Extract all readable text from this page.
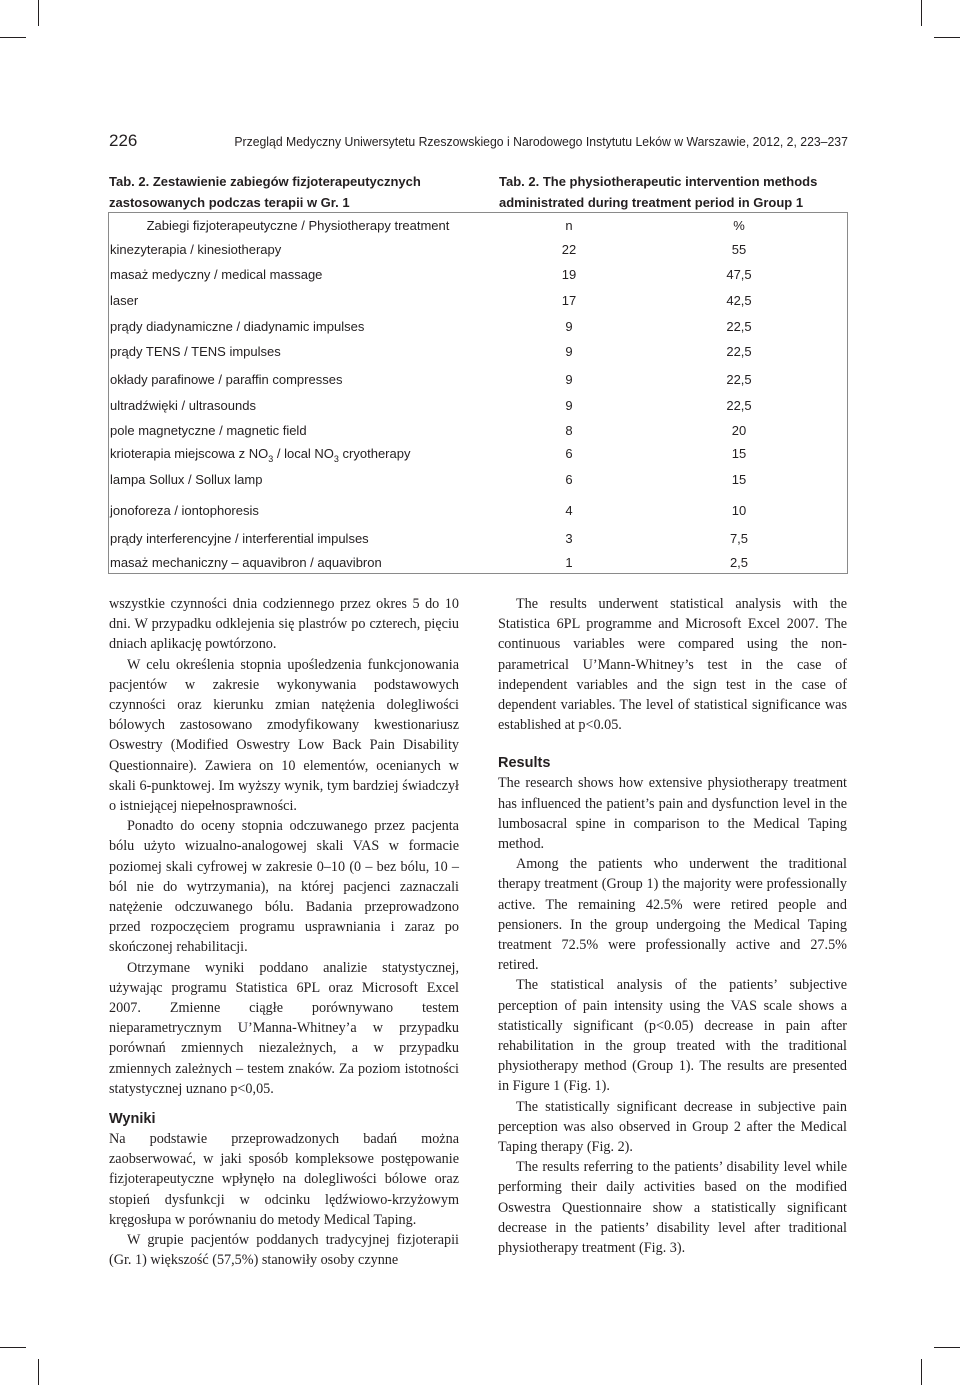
226	Przegląd Medyczny Uniwersytetu Rzeszowskiego i Narodowego Instytutu Leków w Warszawie, 2012, 2, 223–237
Tab. 2. Zestawienie zabiegów fizjoterapeutycznych
zastosowanych podczas terapii w Gr. 1
Tab. 2. The physiotherapeutic intervention methods
administrated during treatment period in Group 1
Zabiegi fizjoterapeutyczne / Physiotherapy treatment	n	%
kinezyterapia / kinesiotherapy	22	55
masaż medyczny / medical massage	19	47,5
laser	17	42,5
prądy diadynamiczne / diadynamic impulses	9	22,5
prądy TENS / TENS impulses	9	22,5
okłady parafinowe / paraffin compresses	9	22,5
ultradźwięki / ultrasounds	9	22,5
pole magnetyczne / magnetic field	8	20
krioterapia miejscowa z $NO_3$ / local $NO_3$ cryotherapy	6	15
lampa Sollux / Sollux lamp	6	15
jonoforeza / iontophoresis	4	10
prądy interferencyjne / interferential impulses	3	7,5
masaż mechaniczny – aquavibron / aquavibron	1	2,5

wszystkie czynności dnia codziennego przez okres 5 do 10 dni. W przypadku odklejenia się plastrów po czterech, pięciu dniach aplikację powtórzono.

W celu określenia stopnia upośledzenia funkcjonowania pacjentów w zakresie wykonywania podstawowych czynności oraz kierunku zmian natężenia dolegliwości bólowych zastosowano zmodyfikowany kwestionariusz Oswestry (Modified Oswestry Low Back Pain Disability Questionnaire). Zawiera on 10 elementów, ocenianych w skali 6-punktowej. Im wyższy wynik, tym bardziej świadczył o istniejącej niepełnosprawności.

Ponadto do oceny stopnia odczuwanego przez pacjenta bólu użyto wizualno-analogowej skali VAS w formacie poziomej skali cyfrowej w zakresie 0–10 (0 – bez bólu, 10 – ból nie do wytrzymania), na której pacjenci zaznaczali natężenie odczuwanego bólu. Badania przeprowadzono przed rozpoczęciem programu usprawniania i zaraz po skończonej rehabilitacji.

Otrzymane wyniki poddano analizie statystycznej, używając programu Statistica 6PL oraz Microsoft Excel 2007. Zmienne ciągłe porównywano testem nieparametrycznym U’Manna-Whitney’a w przypadku porównań zmiennych niezależnych, a w przypadku zmiennych zależnych – testem znaków. Za poziom istotności statystycznej uznano p<0,05.

Wyniki

Na podstawie przeprowadzonych badań można zaobserwować, w jaki sposób kompleksowe postępowanie fizjoterapeutyczne wpłynęło na dolegliwości bólowe oraz stopień dysfunkcji w odcinku lędźwiowo-krzyżowym kręgosłupa w porównaniu do metody Medical Taping.

W grupie pacjentów poddanych tradycyjnej fizjoterapii (Gr. 1) większość (57,5%) stanowiły osoby czynne

The results underwent statistical analysis with the Statistica 6PL programme and Microsoft Excel 2007. The continuous variables were compared using the non-parametrical U’Mann-Whitney’s test in the case of independent variables and the sign test in the case of dependent variables. The level of statistical significance was established at p<0.05.

Results

The research shows how extensive physiotherapy treatment has influenced the patient’s pain and dysfunction level in the lumbosacral spine in comparison to the Medical Taping method.

Among the patients who underwent the traditional therapy treatment (Group 1) the majority were professionally active. The remaining 42.5% were retired people and pensioners. In the group undergoing the Medical Taping treatment 72.5% were professionally active and 27.5% retired.

The statistical analysis of the patients’ subjective perception of pain intensity using the VAS scale shows a statistically significant (p<0.05) decrease in pain after rehabilitation in the group treated with the traditional physiotherapy method (Group 1). The results are presented in Figure 1 (Fig. 1).

The statistically significant decrease in subjective pain perception was also observed in Group 2 after the Medical Taping therapy (Fig. 2).

The results referring to the patients’ disability level while performing their daily activities based on the modified Oswestra Questionnaire show a statistically significant decrease in the patients’ disability level after traditional physiotherapy treatment (Fig. 3).
